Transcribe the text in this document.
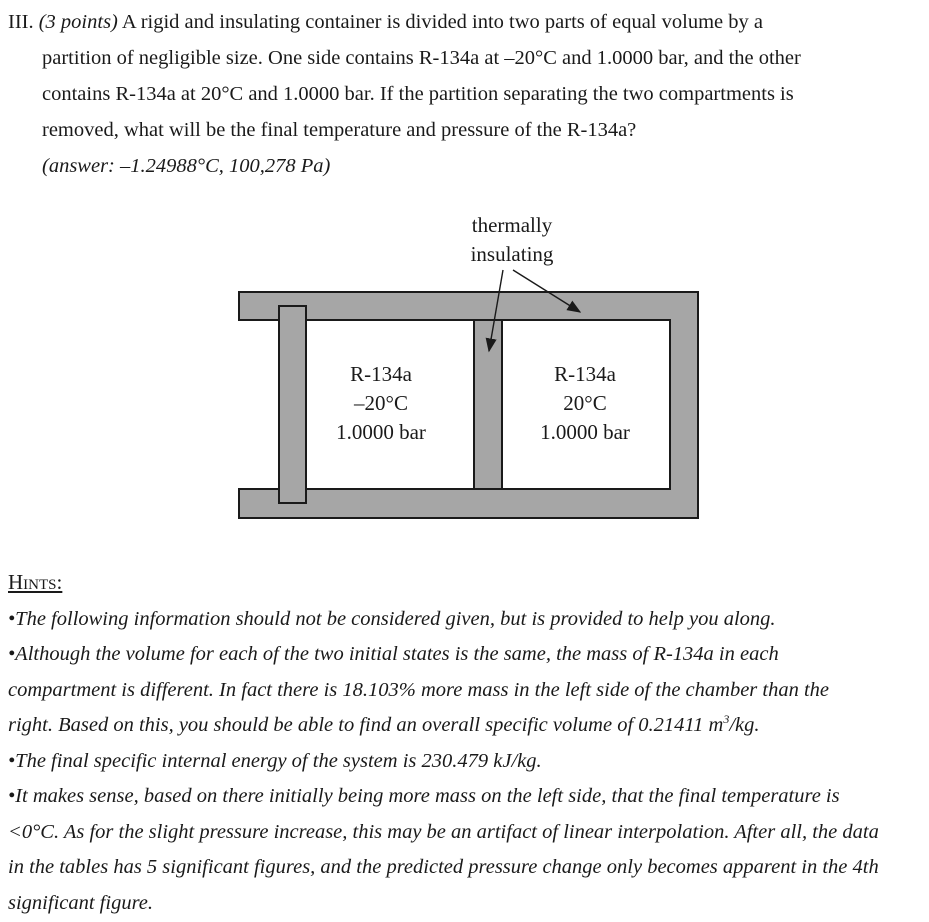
III. (3 points) A rigid and insulating container is divided into two parts of equal volume by a
partition of negligible size. One side contains R-134a at –20°C and 1.0000 bar, and the other
contains R-134a at 20°C and 1.0000 bar. If the partition separating the two compartments is
removed, what will be the final temperature and pressure of the R-134a?
(answer: –1.24988°C, 100,278 Pa)
thermally
insulating
R-134a
–20°C
1.0000 bar
R-134a
20°C
1.0000 bar
Hints:
•The following information should not be considered given, but is provided to help you along.
•Although the volume for each of the two initial states is the same, the mass of R-134a in each
compartment is different. In fact there is 18.103% more mass in the left side of the chamber than the
right. Based on this, you should be able to find an overall specific volume of 0.21411 $m^3/kg$.
•The final specific internal energy of the system is 230.479 kJ/kg.
•It makes sense, based on there initially being more mass on the left side, that the final temperature is
<0°C. As for the slight pressure increase, this may be an artifact of linear interpolation. After all, the data
in the tables has 5 significant figures, and the predicted pressure change only becomes apparent in the 4th
significant figure.
